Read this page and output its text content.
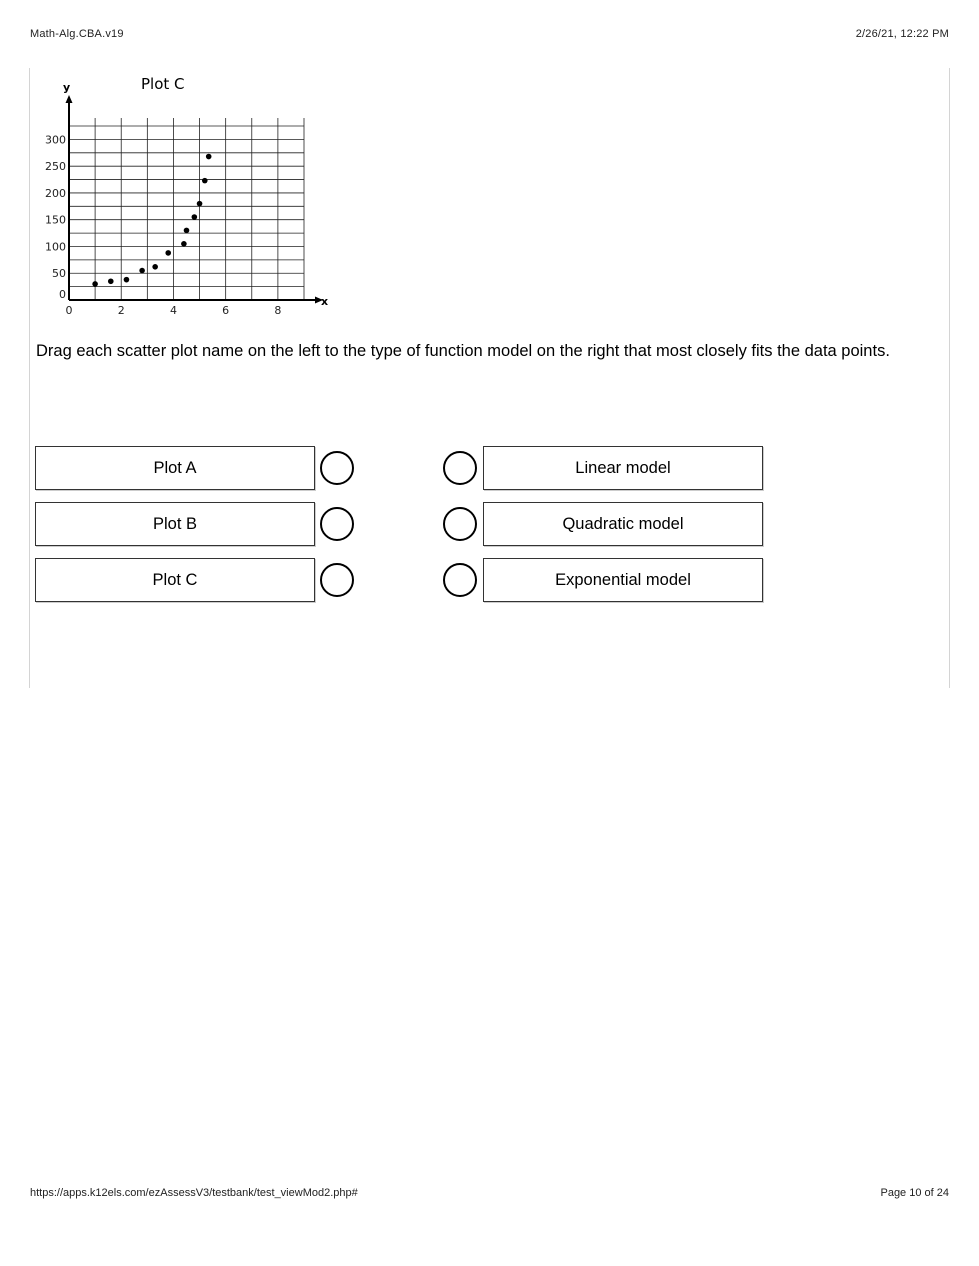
Math-Alg.CBA.v19	2/26/21, 12:22 PM
0	2	4	6	8
0
50
100
150
200
250
300
Plot C
y
x
Drag each scatter plot name on the left to the type of function model on the right that most closely fits the data points.
Plot A
Plot B
Plot C
Linear model
Quadratic model
Exponential model
https://apps.k12els.com/ezAssessV3/testbank/test_viewMod2.php#	Page 10 of 24
